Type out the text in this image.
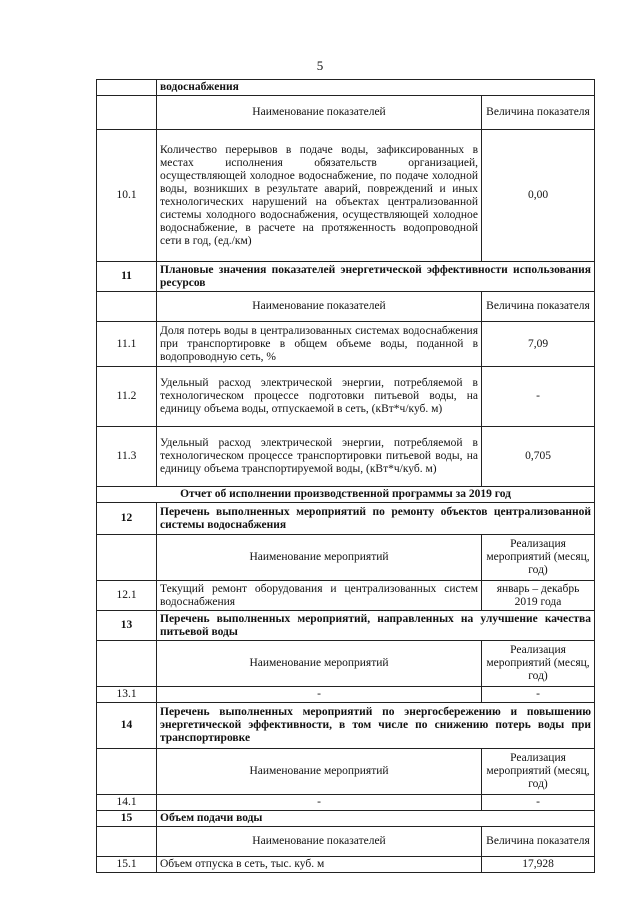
5
	водоснабжения	
	Наименование показателей	Величина показателя
10.1	Количество перерывов в подаче воды, зафиксированных в местах исполнения обязательств организацией, осуществляющей холодное водоснабжение, по подаче холодной воды, возникших в результате аварий, повреждений и иных технологических нарушений на объектах централизованной системы холодного водоснабжения, осуществляющей холодное водоснабжение, в расчете на протяженность водопроводной сети в год, (ед./км)	0,00
11	Плановые значения показателей энергетической эффективности использования ресурсов	
	Наименование показателей	Величина показателя
11.1	Доля потерь воды в централизованных системах водоснабжения при транспортировке в общем объеме воды, поданной в водопроводную сеть, %	7,09
11.2	Удельный расход электрической энергии, потребляемой в технологическом процессе подготовки питьевой воды, на единицу объема воды, отпускаемой в сеть, (кВт*ч/куб. м)	-
11.3	Удельный расход электрической энергии, потребляемой в технологическом процессе транспортировки питьевой воды, на единицу объема транспортируемой воды, (кВт*ч/куб. м)	0,705
Отчет об исполнении производственной программы за 2019 год		
12	Перечень выполненных мероприятий по ремонту объектов централизованной системы водоснабжения	
	Наименование мероприятий	Реализация мероприятий (месяц, год)
12.1	Текущий ремонт оборудования и централизованных систем водоснабжения	январь – декабрь 2019 года
13	Перечень выполненных мероприятий, направленных на улучшение качества питьевой воды	
	Наименование мероприятий	Реализация мероприятий (месяц, год)
13.1	-	-
14	Перечень выполненных мероприятий по энергосбережению и повышению энергетической эффективности, в том числе по снижению потерь воды при транспортировке	
	Наименование мероприятий	Реализация мероприятий (месяц, год)
14.1	-	-
15	Объем подачи воды	
	Наименование показателей	Величина показателя
15.1	Объем отпуска в сеть, тыс. куб. м	17,928
